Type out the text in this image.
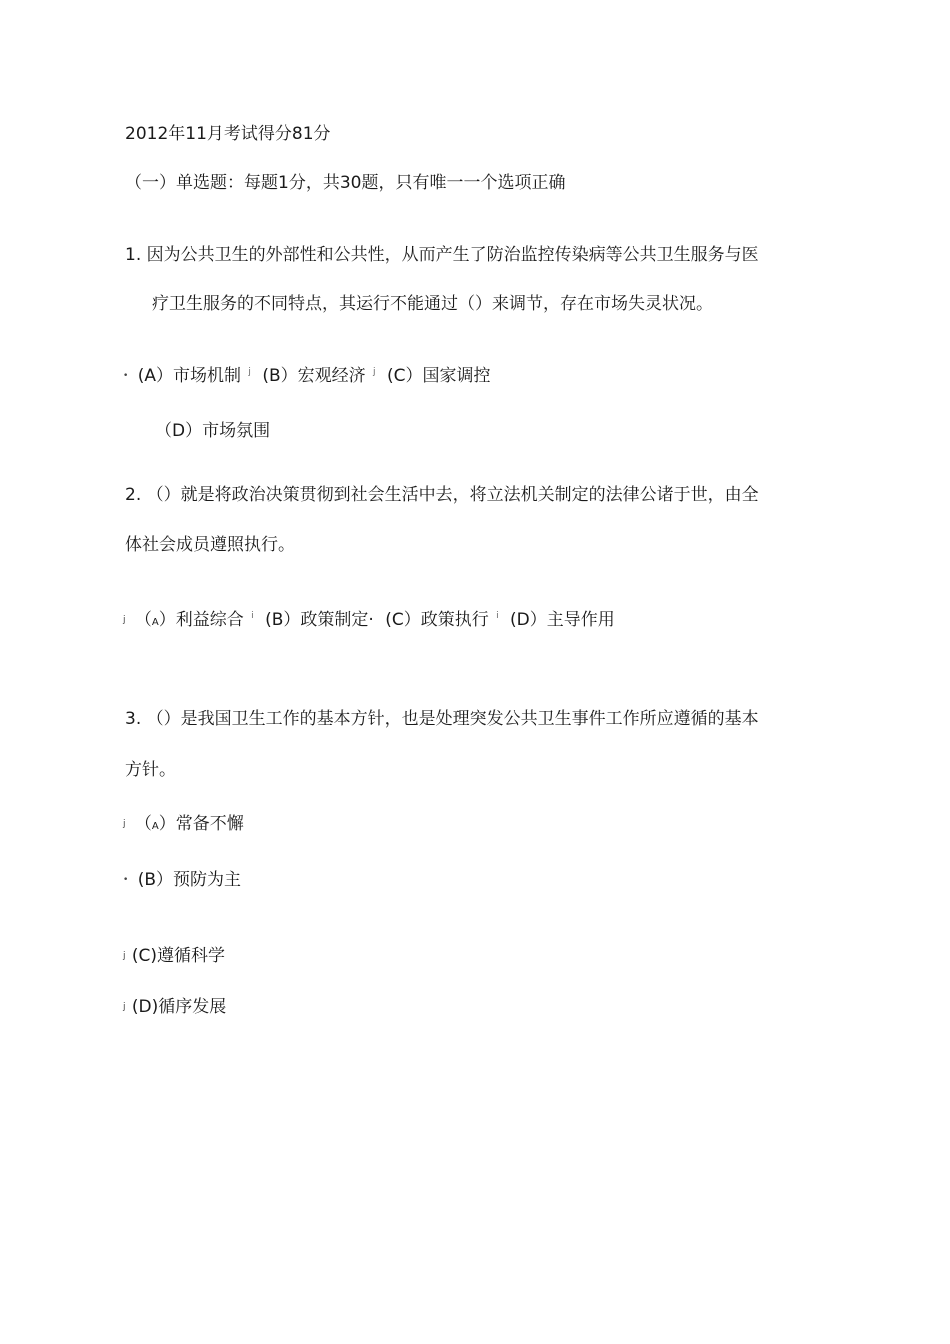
2012年11月考试得分81分
（一）单选题：每题1分，共30题，只有唯一一个选项正确
1. 因为公共卫生的外部性和公共性，从而产生了防治监控传染病等公共卫生服务与医
疗卫生服务的不同特点，其运行不能通过（）来调节，存在市场失灵状况。
• (A）市场机制 j (B）宏观经济 j (C）国家调控
（D）市场氛围
2. （）就是将政治决策贯彻到社会生活中去，将立法机关制定的法律公诸于世，由全
体社会成员遵照执行。
j （A）利益综合 i (B）政策制定· (C）政策执行 i (D）主导作用
3. （）是我国卫生工作的基本方针，也是处理突发公共卫生事件工作所应遵循的基本
方针。
j （A）常备不懈
• (B）预防为主
j (C)遵循科学
j (D)循序发展
